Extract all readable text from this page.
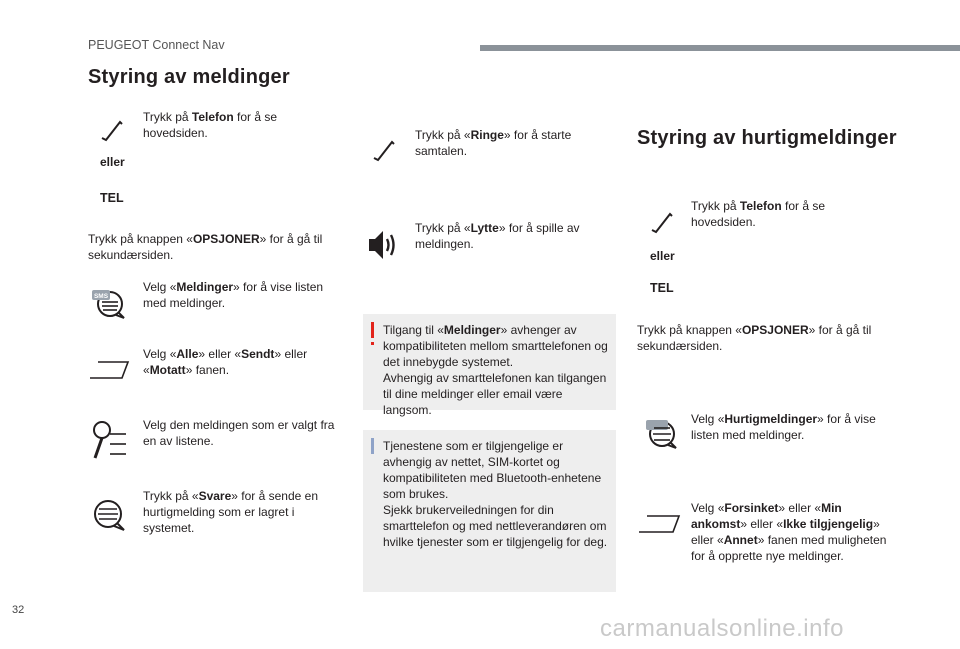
PEUGEOT Connect Nav
Styring av meldinger
Trykk på Telefon for å se hovedsiden.
eller
TEL
Trykk på knappen «OPSJONER» for å gå til sekundærsiden.
SMS
Velg «Meldinger» for å vise listen med meldinger.
Velg «Alle» eller «Sendt» eller «Motatt» fanen.
Velg den meldingen som er valgt fra en av listene.
Trykk på «Svare» for å sende en hurtigmelding som er lagret i systemet.
Trykk på «Ringe» for å starte samtalen.
Trykk på «Lytte» for å spille av meldingen.
Tilgang til «Meldinger» avhenger av kompatibiliteten mellom smarttelefonen og det innebygde systemet.
Avhengig av smarttelefonen kan tilgangen til dine meldinger eller email være langsom.
Tjenestene som er tilgjengelige er avhengig av nettet, SIM-kortet og kompatibiliteten med Bluetooth-enhetene som brukes.
Sjekk brukerveiledningen for din smarttelefon og med nettleverandøren om hvilke tjenester som er tilgjengelig for deg.
Styring av hurtigmeldinger
Trykk på Telefon for å se hovedsiden.
eller
TEL
Trykk på knappen «OPSJONER» for å gå til sekundærsiden.
Velg «Hurtigmeldinger» for å vise listen med meldinger.
Velg «Forsinket» eller «Min ankomst» eller «Ikke tilgjengelig» eller «Annet» fanen med muligheten for å opprette nye meldinger.
32
carmanualsonline.info
